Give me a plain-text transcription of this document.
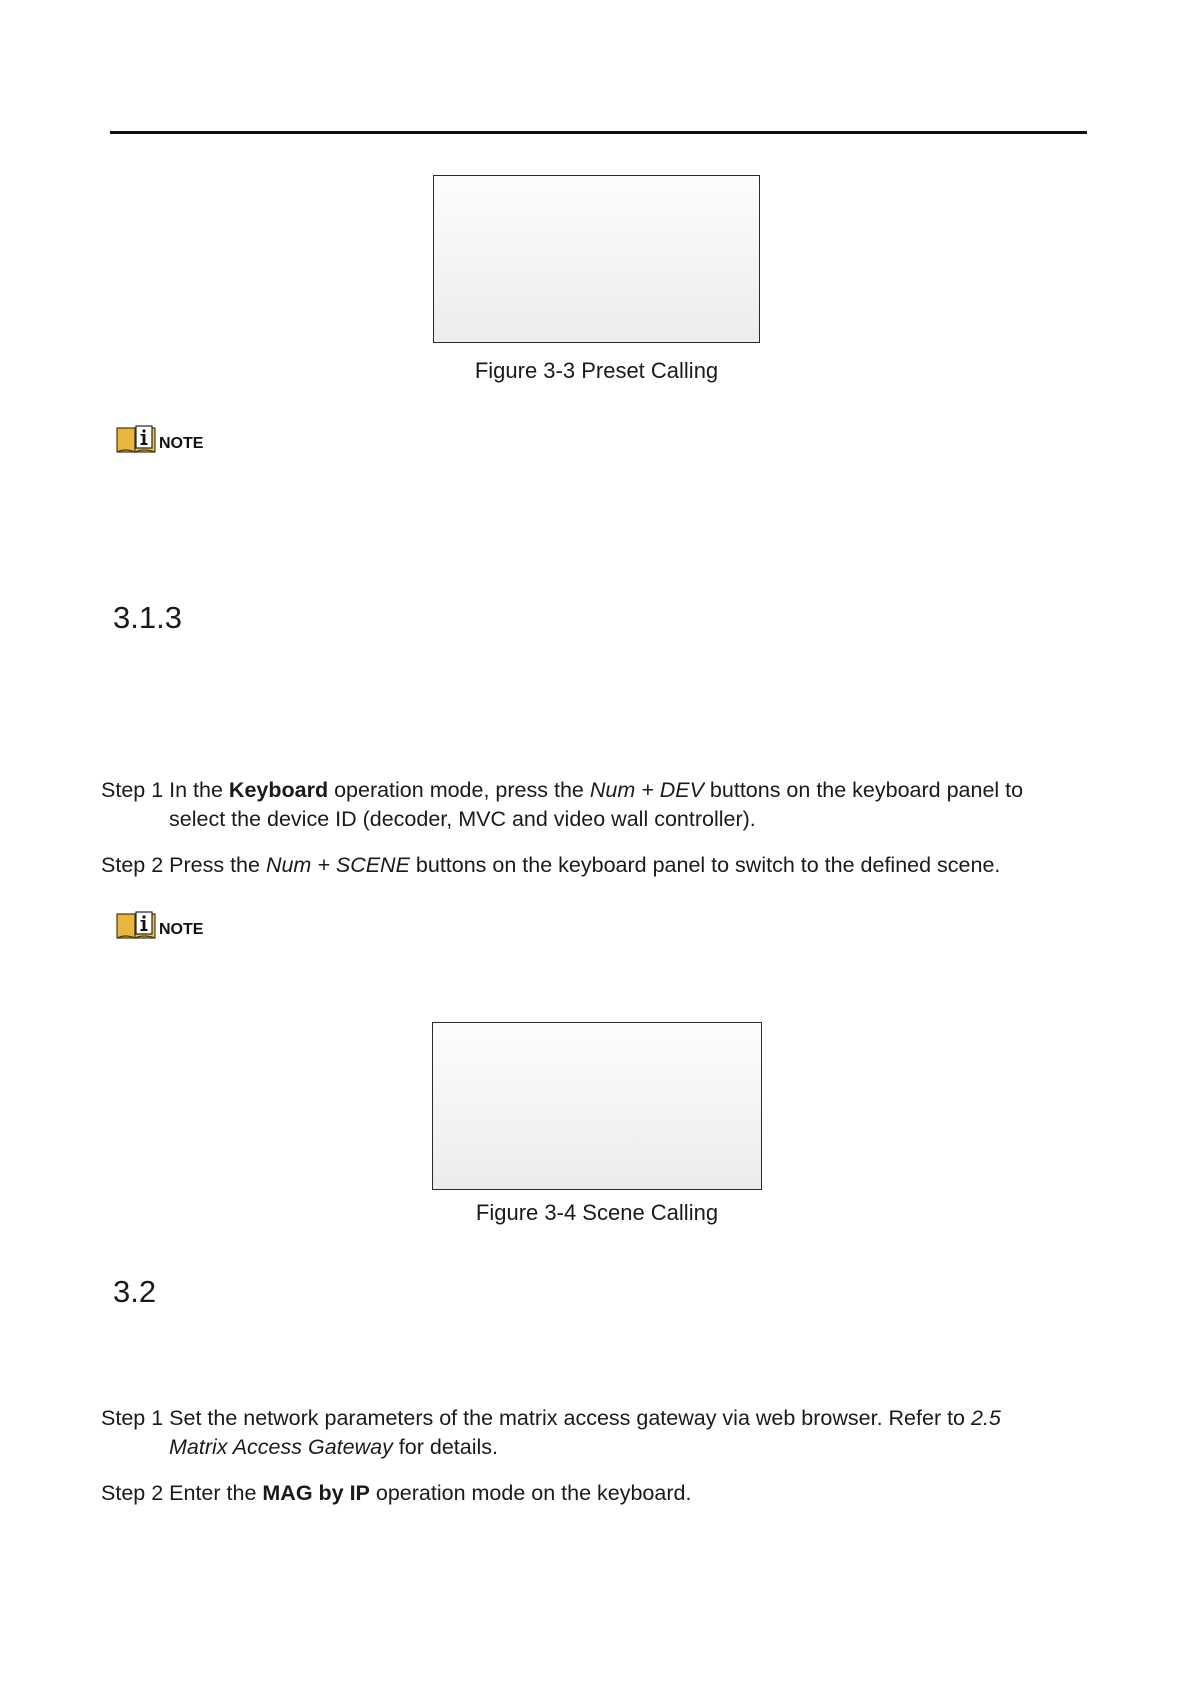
Figure 3-3 Preset Calling
NOTE
3.1.3
Step 1 In the Keyboard operation mode, press the Num + DEV buttons on the keyboard panel to
select the device ID (decoder, MVC and video wall controller).
Step 2 Press the Num + SCENE buttons on the keyboard panel to switch to the defined scene.
NOTE
Figure 3-4 Scene Calling
3.2
Step 1 Set the network parameters of the matrix access gateway via web browser. Refer to 2.5
Matrix Access Gateway for details.
Step 2 Enter the MAG by IP operation mode on the keyboard.
